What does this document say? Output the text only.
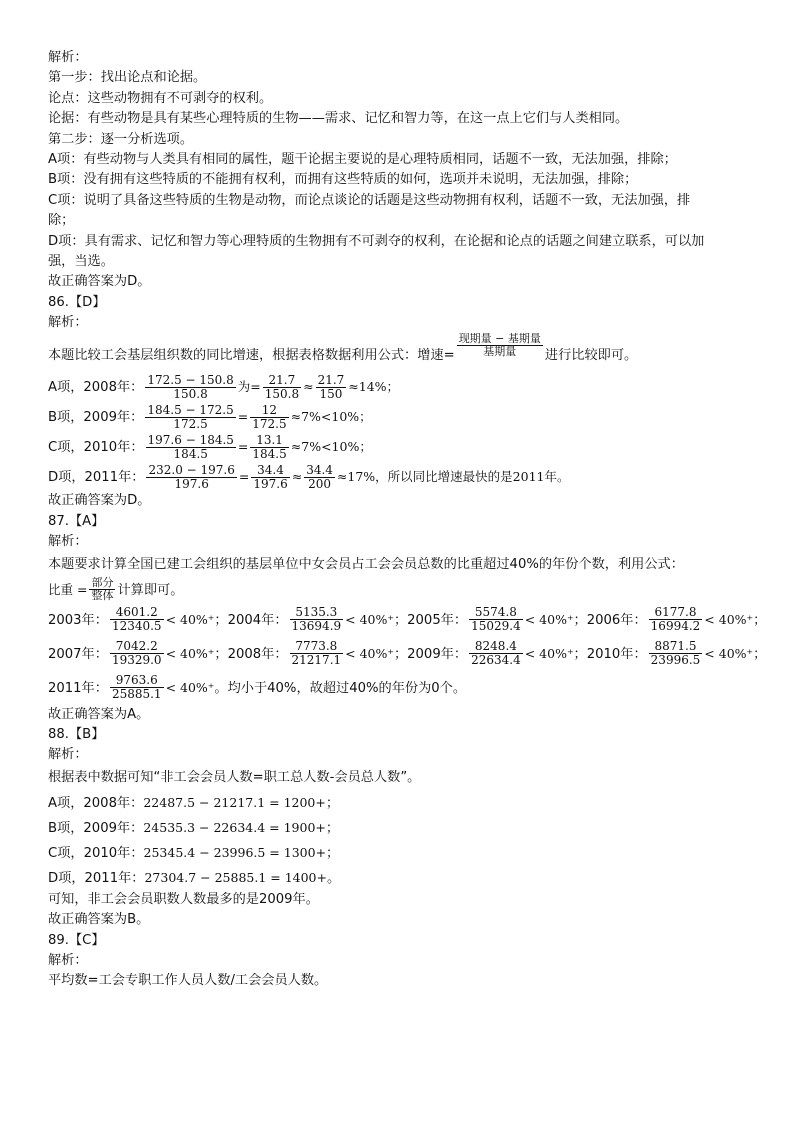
解析：
第一步：找出论点和论据。
论点：这些动物拥有不可剥夺的权利。
论据：有些动物是具有某些心理特质的生物——需求、记忆和智力等，在这一点上它们与人类相同。
第二步：逐一分析选项。
A项：有些动物与人类具有相同的属性，题干论据主要说的是心理特质相同，话题不一致，无法加强，排除；
B项：没有拥有这些特质的不能拥有权利，而拥有这些特质的如何，选项并未说明，无法加强，排除；
C项：说明了具备这些特质的生物是动物，而论点谈论的话题是这些动物拥有权利，话题不一致，无法加强，排
除；
D项：具有需求、记忆和智力等心理特质的生物拥有不可剥夺的权利，在论据和论点的话题之间建立联系，可以加
强，当选。
故正确答案为D。
86.【D】
解析：
本题比较工会基层组织数的同比增速，根据表格数据利用公式：增速= $\frac{\text{现期量 − 基期量}}{\text{基期量}}$ 进行比较即可。
A项，2008年： $\frac{172.5 - 150.8}{150.8}$ 为= $\frac{21.7}{150.8} \approx \frac{21.7}{150} \approx 14\%$；
B项，2009年： $\frac{184.5 - 172.5}{172.5} = \frac{12}{172.5} \approx 7\%<10\%$；
C项，2010年： $\frac{197.6 - 184.5}{184.5} = \frac{13.1}{184.5} \approx 7\%<10\%$；
D项，2011年： $\frac{232.0 - 197.6}{197.6} = \frac{34.4}{197.6} \approx \frac{34.4}{200} \approx 17\%$，所以同比增速最快的是2011年。
故正确答案为D。
87.【A】
解析：
本题要求计算全国已建工会组织的基层单位中女会员占工会会员总数的比重超过40%的年份个数，利用公式：
比重 = $\frac{\text{部分}}{\text{整体}}$ 计算即可。
2003年： $\frac{4601.2}{12340.5} < 40\%^+$；2004年： $\frac{5135.3}{13694.9} < 40\%^+$；2005年： $\frac{5574.8}{15029.4} < 40\%^+$；2006年： $\frac{6177.8}{16994.2} < 40\%^+$；
2007年： $\frac{7042.2}{19329.0} < 40\%^+$；2008年： $\frac{7773.8}{21217.1} < 40\%^+$；2009年： $\frac{8248.4}{22634.4} < 40\%^+$；2010年： $\frac{8871.5}{23996.5} < 40\%^+$；
2011年： $\frac{9763.6}{25885.1} < 40\%^+$。均小于40%，故超过40%的年份为0个。
故正确答案为A。
88.【B】
解析：
根据表中数据可知“非工会会员人数=职工总人数-会员总人数”。
A项，2008年：22487.5 − 21217.1 = 1200+；
B项，2009年：24535.3 − 22634.4 = 1900+；
C项，2010年：25345.4 − 23996.5 = 1300+；
D项，2011年：27304.7 − 25885.1 = 1400+。
可知，非工会会员职数人数最多的是2009年。
故正确答案为B。
89.【C】
解析：
平均数=工会专职工作人员人数/工会会员人数。
